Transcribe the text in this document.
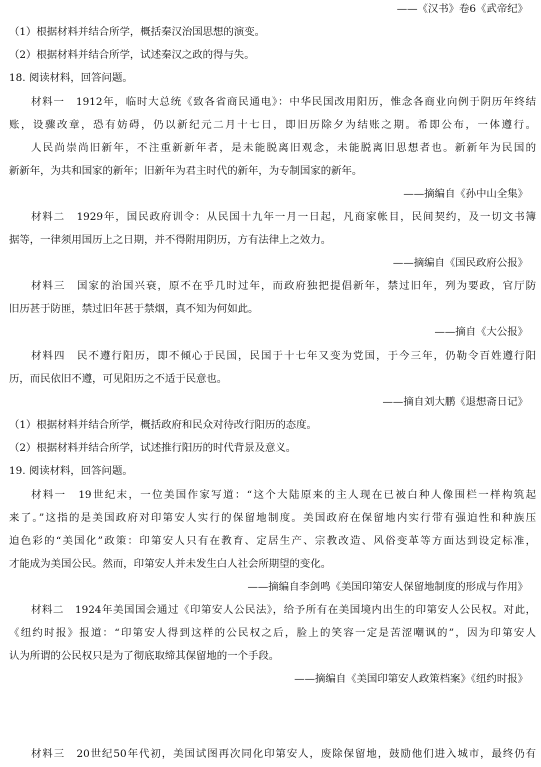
——《汉书》卷6《武帝纪》
（1）根据材料并结合所学，概括秦汉治国思想的演变。
（2）根据材料并结合所学，试述秦汉之政的得与失。
18. 阅读材料，回答问题。
材料一　1912年，临时大总统《致各省商民通电》：中华民国改用阳历，惟念各商业向例于阴历年终结
账，设骤改章，恐有妨碍，仍以新纪元二月十七日，即旧历除夕为结账之期。希即公布，一体遵行。
人民尚崇尚旧新年，不注重新新年者，是未能脱离旧观念，未能脱离旧思想者也。新新年为民国的
新新年，为共和国家的新年；旧新年为君主时代的新年，为专制国家的新年。
——摘编自《孙中山全集》
材料二　1929年，国民政府训令：从民国十九年一月一日起，凡商家帐目，民间契约，及一切文书簿
据等，一律须用国历上之日期，并不得附用阴历，方有法律上之效力。
——摘编自《国民政府公报》
材料三　国家的治国兴衰，原不在乎几时过年，而政府独把提倡新年，禁过旧年，列为要政，官厅防
旧历甚于防匪，禁过旧年甚于禁烟，真不知为何如此。
——摘自《大公报》
材料四　民不遵行阳历，即不倾心于民国，民国于十七年又变为党国，于今三年，仍勒令百姓遵行阳
历，而民依旧不遵，可见阳历之不适于民意也。
——摘自刘大鹏《退想斋日记》
（1）根据材料并结合所学，概括政府和民众对待改行阳历的态度。
（2）根据材料并结合所学，试述推行阳历的时代背景及意义。
19. 阅读材料，回答问题。
材料一　19世纪末，一位美国作家写道：“这个大陆原来的主人现在已被白种人像围栏一样构筑起
来了。”这指的是美国政府对印第安人实行的保留地制度。美国政府在保留地内实行带有强迫性和种族压
迫色彩的“美国化”政策：印第安人只有在教育、定居生产、宗教改造、风俗变革等方面达到设定标准，
才能成为美国公民。然而，印第安人并未发生白人社会所期望的变化。
——摘编自李剑鸣《美国印第安人保留地制度的形成与作用》
材料二　1924年美国国会通过《印第安人公民法》，给予所有在美国境内出生的印第安人公民权。对此，
《纽约时报》报道：“印第安人得到这样的公民权之后，脸上的笑容一定是苦涩嘲讽的”，因为印第安人
认为所谓的公民权只是为了彻底取缔其保留地的一个手段。
——摘编自《美国印第安人政策档案》《纽约时报》
材料三　20世纪50年代初，美国试图再次同化印第安人，废除保留地，鼓励他们进入城市，最终仍有
